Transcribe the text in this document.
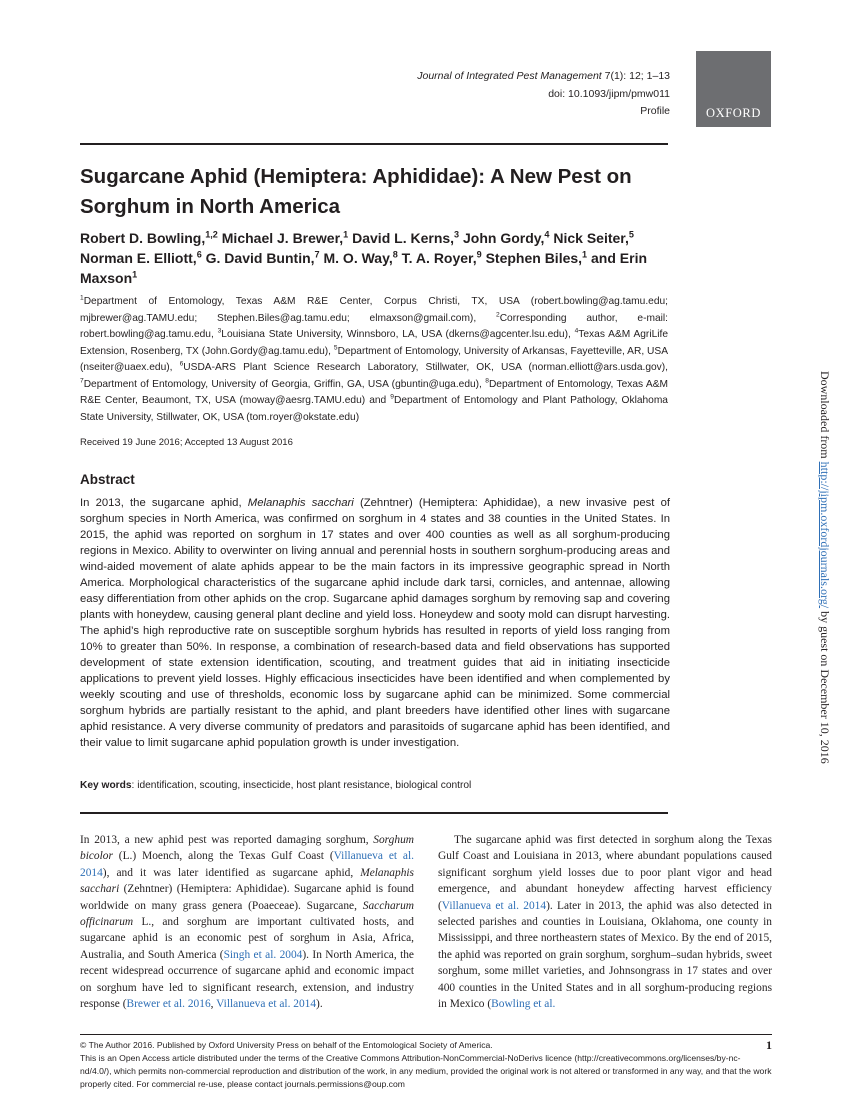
Journal of Integrated Pest Management 7(1): 12; 1–13
doi: 10.1093/jipm/pmw011
Profile	OXFORD
Sugarcane Aphid (Hemiptera: Aphididae): A New Pest on Sorghum in North America
Robert D. Bowling,$^{1,2}$ Michael J. Brewer,$^1$ David L. Kerns,$^3$ John Gordy,$^4$ Nick Seiter,$^5$ Norman E. Elliott,$^6$ G. David Buntin,$^7$ M. O. Way,$^8$ T. A. Royer,$^9$ Stephen Biles,$^1$ and Erin Maxson$^1$
$^1$Department of Entomology, Texas A&M R&E Center, Corpus Christi, TX, USA (robert.bowling@ag.tamu.edu; mjbrewer@ag.TAMU.edu; Stephen.Biles@ag.tamu.edu; elmaxson@gmail.com), $^2$Corresponding author, e-mail: robert.bowling@ag.tamu.edu, $^3$Louisiana State University, Winnsboro, LA, USA (dkerns@agcenter.lsu.edu), $^4$Texas A&M AgriLife Extension, Rosenberg, TX (John.Gordy@ag.tamu.edu), $^5$Department of Entomology, University of Arkansas, Fayetteville, AR, USA (nseiter@uaex.edu), $^6$USDA-ARS Plant Science Research Laboratory, Stillwater, OK, USA (norman.elliott@ars.usda.gov), $^7$Department of Entomology, University of Georgia, Griffin, GA, USA (gbuntin@uga.edu), $^8$Department of Entomology, Texas A&M R&E Center, Beaumont, TX, USA (moway@aesrg.TAMU.edu) and $^9$Department of Entomology and Plant Pathology, Oklahoma State University, Stillwater, OK, USA (tom.royer@okstate.edu)
Received 19 June 2016; Accepted 13 August 2016
Abstract
In 2013, the sugarcane aphid, Melanaphis sacchari (Zehntner) (Hemiptera: Aphididae), a new invasive pest of sorghum species in North America, was confirmed on sorghum in 4 states and 38 counties in the United States. In 2015, the aphid was reported on sorghum in 17 states and over 400 counties as well as all sorghum-producing regions in Mexico. Ability to overwinter on living annual and perennial hosts in southern sorghum-producing areas and wind-aided movement of alate aphids appear to be the main factors in its impressive geographic spread in North America. Morphological characteristics of the sugarcane aphid include dark tarsi, cornicles, and antennae, allowing easy differentiation from other aphids on the crop. Sugarcane aphid damages sorghum by removing sap and covering plants with honeydew, causing general plant decline and yield loss. Honeydew and sooty mold can disrupt harvesting. The aphid’s high reproductive rate on susceptible sorghum hybrids has resulted in reports of yield loss ranging from 10% to greater than 50%. In response, a combination of research-based data and field observations has supported development of state extension identification, scouting, and treatment guides that aid in initiating insecticide applications to prevent yield losses. Highly efficacious insecticides have been identified and when complemented by weekly scouting and use of thresholds, economic loss by sugarcane aphid can be minimized. Some commercial sorghum hybrids are partially resistant to the aphid, and plant breeders have identified other lines with sugarcane aphid resistance. A very diverse community of predators and parasitoids of sugarcane aphid has been identified, and their value to limit sugarcane aphid population growth is under investigation.
Key words: identification, scouting, insecticide, host plant resistance, biological control
In 2013, a new aphid pest was reported damaging sorghum, Sorghum bicolor (L.) Moench, along the Texas Gulf Coast (Villanueva et al. 2014), and it was later identified as sugarcane aphid, Melanaphis sacchari (Zehntner) (Hemiptera: Aphididae). Sugarcane aphid is found worldwide on many grass genera (Poaeceae). Sugarcane, Saccharum officinarum L., and sorghum are important cultivated hosts, and sugarcane aphid is an economic pest of sorghum in Asia, Africa, Australia, and South America (Singh et al. 2004). In North America, the recent widespread occurrence of sugarcane aphid and economic impact on sorghum have led to significant research, extension, and industry response (Brewer et al. 2016, Villanueva et al. 2014).
The sugarcane aphid was first detected in sorghum along the Texas Gulf Coast and Louisiana in 2013, where abundant populations caused significant sorghum yield losses due to poor plant vigor and head emergence, and abundant honeydew affecting harvest efficiency (Villanueva et al. 2014). Later in 2013, the aphid was also detected in selected parishes and counties in Louisiana, Oklahoma, one county in Mississippi, and three northeastern states of Mexico. By the end of 2015, the aphid was reported on grain sorghum, sorghum–sudan hybrids, sweet sorghum, some millet varieties, and Johnsongrass in 17 states and over 400 counties in the United States and in all sorghum-producing regions in Mexico (Bowling et al.
© The Author 2016. Published by Oxford University Press on behalf of the Entomological Society of America.
This is an Open Access article distributed under the terms of the Creative Commons Attribution-NonCommercial-NoDerivs licence (http://creativecommons.org/licenses/by-nc-nd/4.0/), which permits non-commercial reproduction and distribution of the work, in any medium, provided the original work is not altered or transformed in any way, and that the work properly cited. For commercial re-use, please contact journals.permissions@oup.com
1
Downloaded from http://jipm.oxfordjournals.org/ by guest on December 10, 2016
